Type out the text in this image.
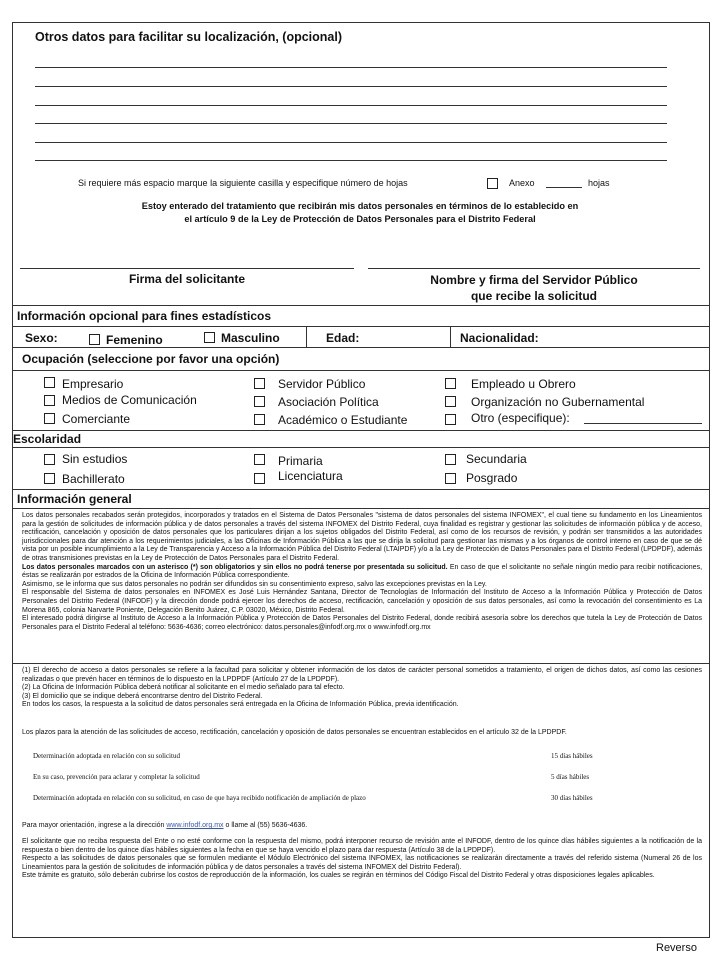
Otros datos para facilitar su localización, (opcional)
Si requiere más espacio marque la siguiente casilla y especifique número de hojas	Anexo	hojas
Estoy enterado del tratamiento que recibirán mis datos personales en términos de lo establecido en
el artículo 9 de la Ley de Protección de Datos Personales para el Distrito Federal
Firma del solicitante	Nombre y firma del Servidor Público
que recibe la solicitud
Información opcional para fines estadísticos
Sexo:	Femenino	Masculino	Edad:	Nacionalidad:
Ocupación (seleccione por favor una opción)
Empresario
Medios de Comunicación
Comerciante
Servidor Público
Asociación Política
Académico o Estudiante
Empleado u Obrero
Organización no Gubernamental
Otro (especifique):
Escolaridad
Sin estudios
Bachillerato
Primaria
Licenciatura
Secundaria
Posgrado
Información general
Los datos personales recabados serán protegidos, incorporados y tratados en el Sistema de Datos Personales "sistema de datos personales del sistema INFOMEX", el cual tiene su fundamento en los Lineamientos para la gestión de solicitudes de información pública y de datos personales a través del sistema INFOMEX del Distrito Federal, cuya finalidad es registrar y gestionar las solicitudes de información pública y de acceso, rectificación, cancelación y oposición de datos personales que los particulares dirijan a los sujetos obligados del Distrito Federal, así como de los recursos de revisión, y podrán ser transmitidos a las autoridades jurisdiccionales para dar atención a los requerimientos judiciales, a las Oficinas de Información Pública a las que se dirija la solicitud para gestionar las mismas y a los órganos de control interno en caso de que se dé vista por un posible incumplimiento a la Ley de Transparencia y Acceso a la Información Pública del Distrito Federal (LTAIPDF) y/o a la Ley de Protección de Datos Personales para el Distrito Federal (LPDPDF), además de otras transmisiones previstas en la Ley de Protección de Datos Personales para el Distrito Federal.
Los datos personales marcados con un asterisco (*) son obligatorios y sin ellos no podrá tenerse por presentada su solicitud. En caso de que el solicitante no señale ningún medio para recibir notificaciones, éstas se realizarán por estrados de la Oficina de Información Pública correspondiente.
Asimismo, se le informa que sus datos personales no podrán ser difundidos sin su consentimiento expreso, salvo las excepciones previstas en la Ley.
El responsable del Sistema de datos personales en INFOMEX es José Luis Hernández Santana, Director de Tecnologías de Información del Instituto de Acceso a la Información Pública y Protección de Datos Personales del Distrito Federal (INFODF) y la dirección donde podrá ejercer los derechos de acceso, rectificación, cancelación y oposición de sus datos personales, así como la revocación del consentimiento es La Morena 865, colonia Narvarte Poniente, Delegación Benito Juárez, C.P. 03020, México, Distrito Federal.
El interesado podrá dirigirse al Instituto de Acceso a la Información Pública y Protección de Datos Personales del Distrito Federal, donde recibirá asesoría sobre los derechos que tutela la Ley de Protección de Datos Personales para el Distrito Federal al teléfono: 5636-4636; correo electrónico: datos.personales@infodf.org.mx o www.infodf.org.mx
(1) El derecho de acceso a datos personales se refiere a la facultad para solicitar y obtener información de los datos de carácter personal sometidos a tratamiento, el origen de dichos datos, así como las cesiones realizadas o que prevén hacer en términos de lo dispuesto en la LPDPDF (Artículo 27 de la LPDPDF).
(2) La Oficina de Información Pública deberá notificar al solicitante en el medio señalado para tal efecto.
(3) El domicilio que se indique deberá encontrarse dentro del Distrito Federal.
En todos los casos, la respuesta a la solicitud de datos personales será entregada en la Oficina de Información Pública, previa identificación.
Los plazos para la atención de las solicitudes de acceso, rectificación, cancelación y oposición de datos personales se encuentran establecidos en el artículo 32 de la LPDPDF.
Determinación adoptada en relación con su solicitud	15 días hábiles
En su caso, prevención para aclarar y completar la solicitud	5 días hábiles
Determinación adoptada en relación con su solicitud, en caso de que haya recibido notificación de ampliación de plazo	30 días hábiles
Para mayor orientación, ingrese a la dirección www.infodf.org.mx o llame al (55) 5636-4636.
El solicitante que no reciba respuesta del Ente o no esté conforme con la respuesta del mismo, podrá interponer recurso de revisión ante el INFODF, dentro de los quince días hábiles siguientes a la notificación de la respuesta o bien dentro de los quince días hábiles siguientes a la fecha en que se haya vencido el plazo para dar respuesta (Artículo 38 de la LPDPDF).
Respecto a las solicitudes de datos personales que se formulen mediante el Módulo Electrónico del sistema INFOMEX, las notificaciones se realizarán directamente a través del referido sistema (Numeral 26 de los Lineamientos para la gestión de solicitudes de información pública y de datos personales a través del sistema INFOMEX del Distrito Federal).
Este trámite es gratuito, sólo deberán cubrirse los costos de reproducción de la información, los cuales se regirán en términos del Código Fiscal del Distrito Federal y otras disposiciones legales aplicables.
Reverso
